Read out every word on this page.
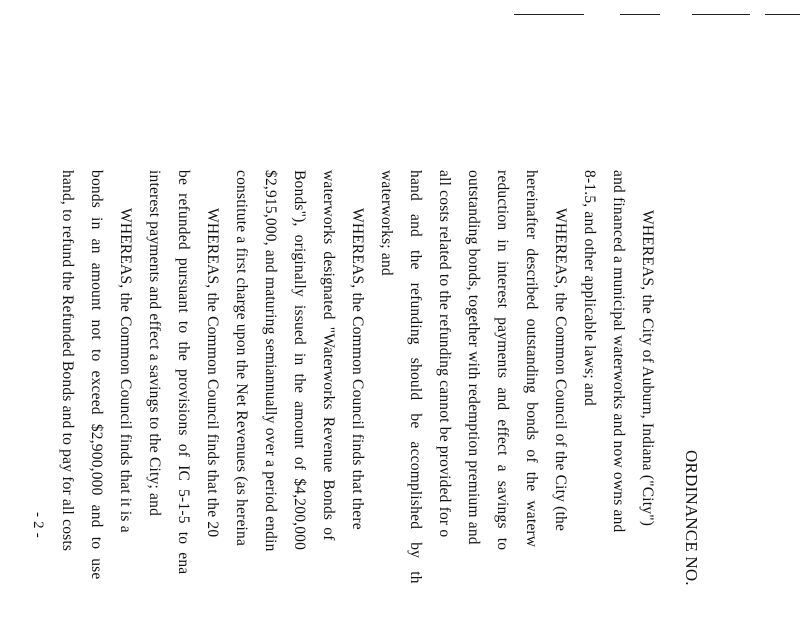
ORDINANCE NO.
WHEREAS, the City of Auburn, Indiana ("City")
and financed a municipal waterworks and now owns and
8-1.5, and other applicable laws; and
WHEREAS, the Common Council of the City (the
hereinafter described outstanding bonds of the waterw
reduction in interest payments and effect a savings to
outstanding bonds, together with redemption premium and
all costs related to the refunding cannot be provided for o
hand and the refunding should be accomplished by th
waterworks; and
WHEREAS, the Common Council finds that there
waterworks designated "Waterworks Revenue Bonds of
Bonds"), originally issued in the amount of $4,200,000
$2,915,000, and maturing semiannually over a period endin
constitute a first charge upon the Net Revenues (as hereina
WHEREAS, the Common Council finds that the 20
be refunded pursuant to the provisions of IC 5-1-5 to ena
interest payments and effect a savings to the City; and
WHEREAS, the Common Council finds that it is a
bonds in an amount not to exceed $2,900,000 and to use
hand, to refund the Refunded Bonds and to pay for all costs
- 2 -
